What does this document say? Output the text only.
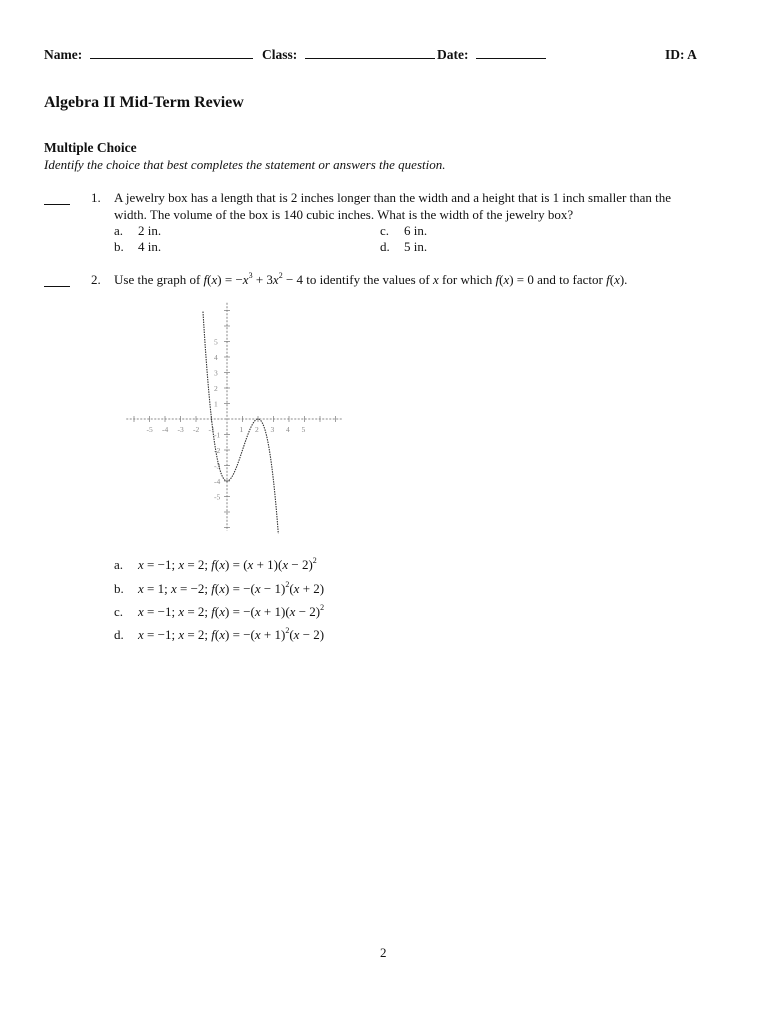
Name:	Class:	Date:	ID: A
Algebra II Mid-Term Review
Multiple Choice
Identify the choice that best completes the statement or answers the question.
1. A jewelry box has a length that is 2 inches longer than the width and a height that is 1 inch smaller than the
width. The volume of the box is 140 cubic inches. What is the width of the jewelry box?
a. 2 in.	c. 6 in.
b. 4 in.	d. 5 in.
2. Use the graph of $f(x) = -x^3 + 3x^2 - 4$ to identify the values of x for which f(x) = 0 and to factor f(x).
-5 -4 -3 -2 -1	1 2 3 4 5
5
4
3
2
1
-1
-2
-3
-4
-5
a. x = −1; x = 2; $f(x) = (x + 1)(x - 2)^2$
b. x = 1; x = −2; $f(x) = -(x - 1)^2(x + 2)$
c. x = −1; x = 2; $f(x) = -(x + 1)(x - 2)^2$
d. x = −1; x = 2; $f(x) = -(x + 1)^2(x - 2)$
2
